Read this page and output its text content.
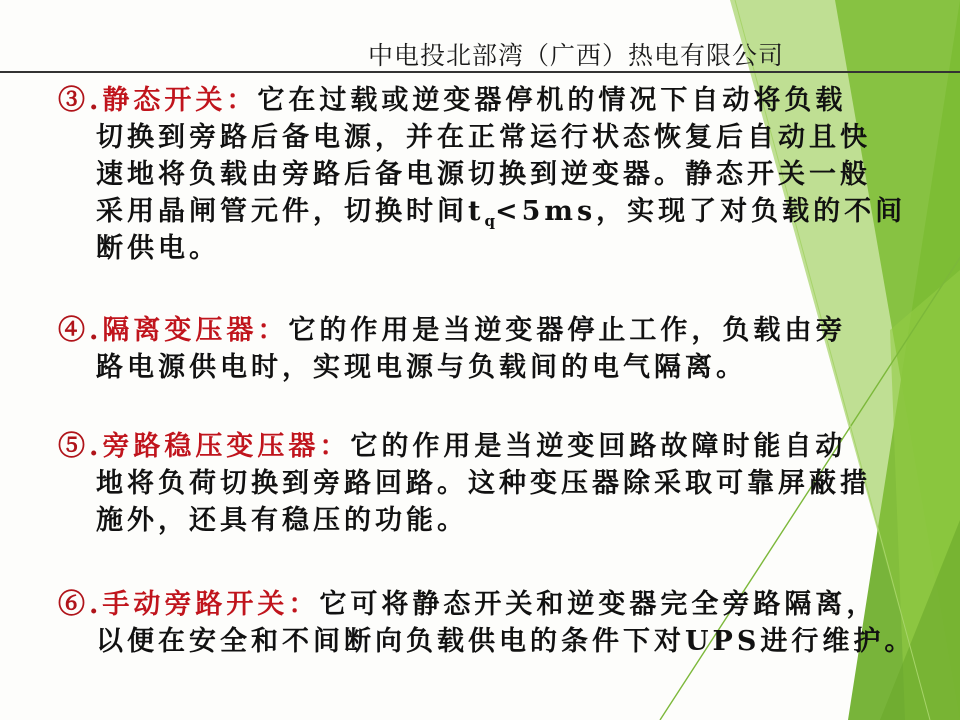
中电投北部湾（广西）热电有限公司
③.静态开关：它在过载或逆变器停机的情况下自动将负载
切换到旁路后备电源，并在正常运行状态恢复后自动且快
速地将负载由旁路后备电源切换到逆变器。静态开关一般
采用晶闸管元件，切换时间$t_q<5ms$，实现了对负载的不间
断供电。
④.隔离变压器：它的作用是当逆变器停止工作，负载由旁
路电源供电时，实现电源与负载间的电气隔离。
⑤.旁路稳压变压器：它的作用是当逆变回路故障时能自动
地将负荷切换到旁路回路。这种变压器除采取可靠屏蔽措
施外，还具有稳压的功能。
⑥.手动旁路开关：它可将静态开关和逆变器完全旁路隔离，
以便在安全和不间断向负载供电的条件下对UPS进行维护。
